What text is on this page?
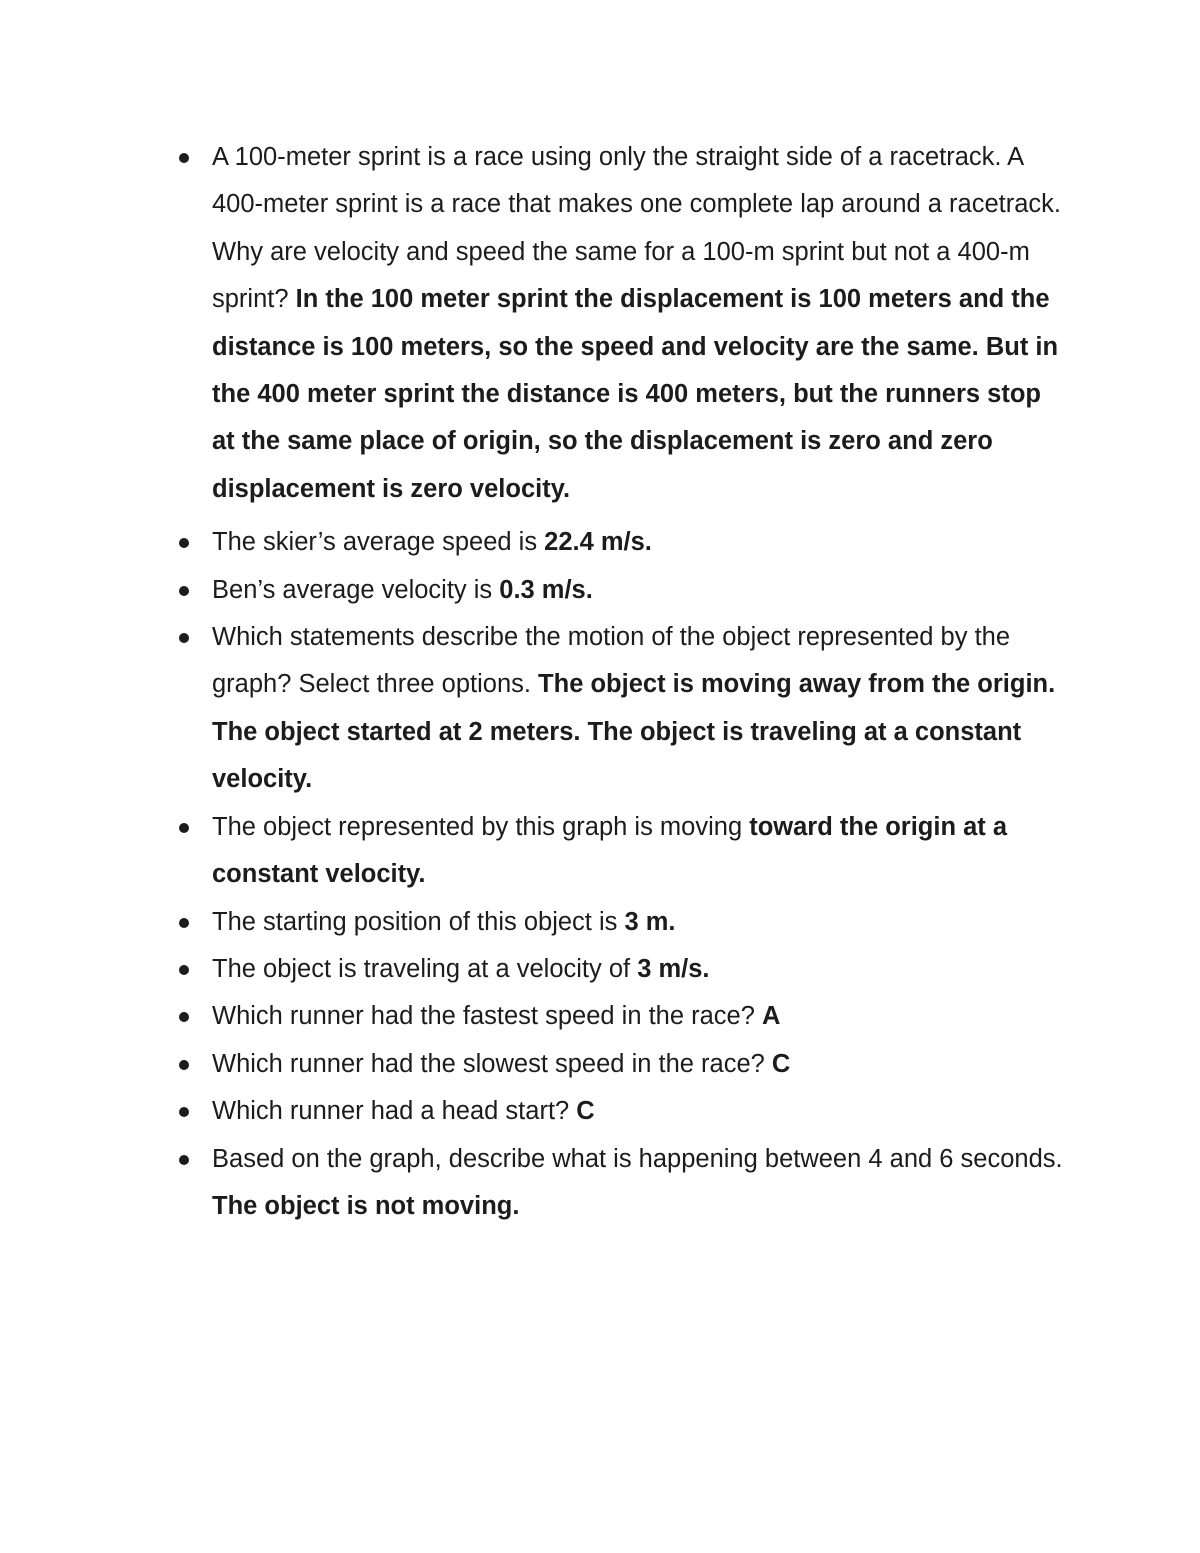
A 100-meter sprint is a race using only the straight side of a racetrack. A 400-meter sprint is a race that makes one complete lap around a racetrack. Why are velocity and speed the same for a 100-m sprint but not a 400-m sprint? In the 100 meter sprint the displacement is 100 meters and the distance is 100 meters, so the speed and velocity are the same. But in the 400 meter sprint the distance is 400 meters, but the runners stop at the same place of origin, so the displacement is zero and zero displacement is zero velocity.
The skier’s average speed is 22.4 m/s.
Ben’s average velocity is 0.3 m/s.
Which statements describe the motion of the object represented by the graph? Select three options. The object is moving away from the origin. The object started at 2 meters. The object is traveling at a constant velocity.
The object represented by this graph is moving toward the origin at a constant velocity.
The starting position of this object is 3 m.
The object is traveling at a velocity of 3 m/s.
Which runner had the fastest speed in the race? A
Which runner had the slowest speed in the race? C
Which runner had a head start? C
Based on the graph, describe what is happening between 4 and 6 seconds. The object is not moving.
